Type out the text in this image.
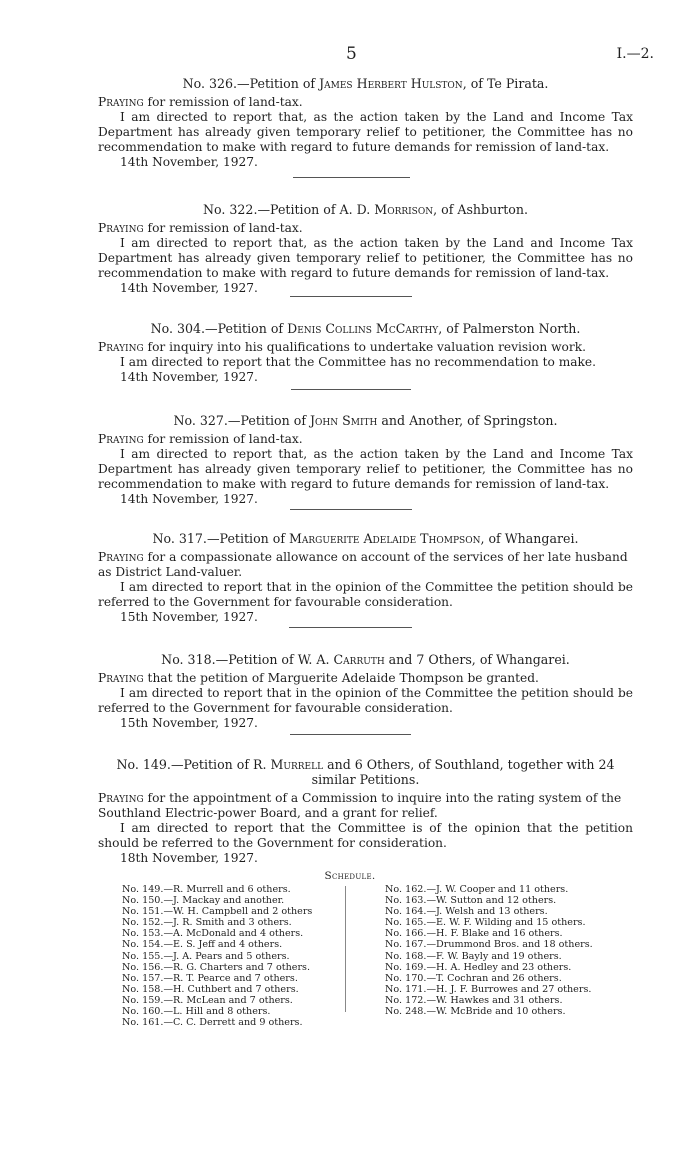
5	I.—2.

No. 326.—Petition of James Herbert Hulston, of Te Pirata.

Praying for remission of land-tax.

I am directed to report that, as the action taken by the Land and Income Tax Department has already given temporary relief to petitioner, the Committee has no recommendation to make with regard to future demands for remission of land-tax.

14th November, 1927.

No. 322.—Petition of A. D. Morrison, of Ashburton.

Praying for remission of land-tax.

I am directed to report that, as the action taken by the Land and Income Tax Department has already given temporary relief to petitioner, the Committee has no recommendation to make with regard to future demands for remission of land-tax.

14th November, 1927.

No. 304.—Petition of Denis Collins McCarthy, of Palmerston North.

Praying for inquiry into his qualifications to undertake valuation revision work.

I am directed to report that the Committee has no recommendation to make.

14th November, 1927.

No. 327.—Petition of John Smith and Another, of Springston.

Praying for remission of land-tax.

I am directed to report that, as the action taken by the Land and Income Tax Department has already given temporary relief to petitioner, the Committee has no recommendation to make with regard to future demands for remission of land-tax.

14th November, 1927.

No. 317.—Petition of Marguerite Adelaide Thompson, of Whangarei.

Praying for a compassionate allowance on account of the services of her late husband as District Land-valuer.

I am directed to report that in the opinion of the Committee the petition should be referred to the Government for favourable consideration.

15th November, 1927.

No. 318.—Petition of W. A. Carruth and 7 Others, of Whangarei.

Praying that the petition of Marguerite Adelaide Thompson be granted.

I am directed to report that in the opinion of the Committee the petition should be referred to the Government for favourable consideration.

15th November, 1927.

No. 149.—Petition of R. Murrell and 6 Others, of Southland, together with 24 similar Petitions.

Praying for the appointment of a Commission to inquire into the rating system of the Southland Electric-power Board, and a grant for relief.

I am directed to report that the Committee is of the opinion that the petition should be referred to the Government for consideration.

18th November, 1927.

Schedule.
No. 149.—R. Murrell and 6 others.
No. 150.—J. Mackay and another.
No. 151.—W. H. Campbell and 2 others
No. 152.—J. R. Smith and 3 others.
No. 153.—A. McDonald and 4 others.
No. 154.—E. S. Jeff and 4 others.
No. 155.—J. A. Pears and 5 others.
No. 156.—R. G. Charters and 7 others.
No. 157.—R. T. Pearce and 7 others.
No. 158.—H. Cuthbert and 7 others.
No. 159.—R. McLean and 7 others.
No. 160.—L. Hill and 8 others.
No. 161.—C. C. Derrett and 9 others.
No. 162.—J. W. Cooper and 11 others.
No. 163.—W. Sutton and 12 others.
No. 164.—J. Welsh and 13 others.
No. 165.—E. W. F. Wilding and 15 others.
No. 166.—H. F. Blake and 16 others.
No. 167.—Drummond Bros. and 18 others.
No. 168.—F. W. Bayly and 19 others.
No. 169.—H. A. Hedley and 23 others.
No. 170.—T. Cochran and 26 others.
No. 171.—H. J. F. Burrowes and 27 others.
No. 172.—W. Hawkes and 31 others.
No. 248.—W. McBride and 10 others.
